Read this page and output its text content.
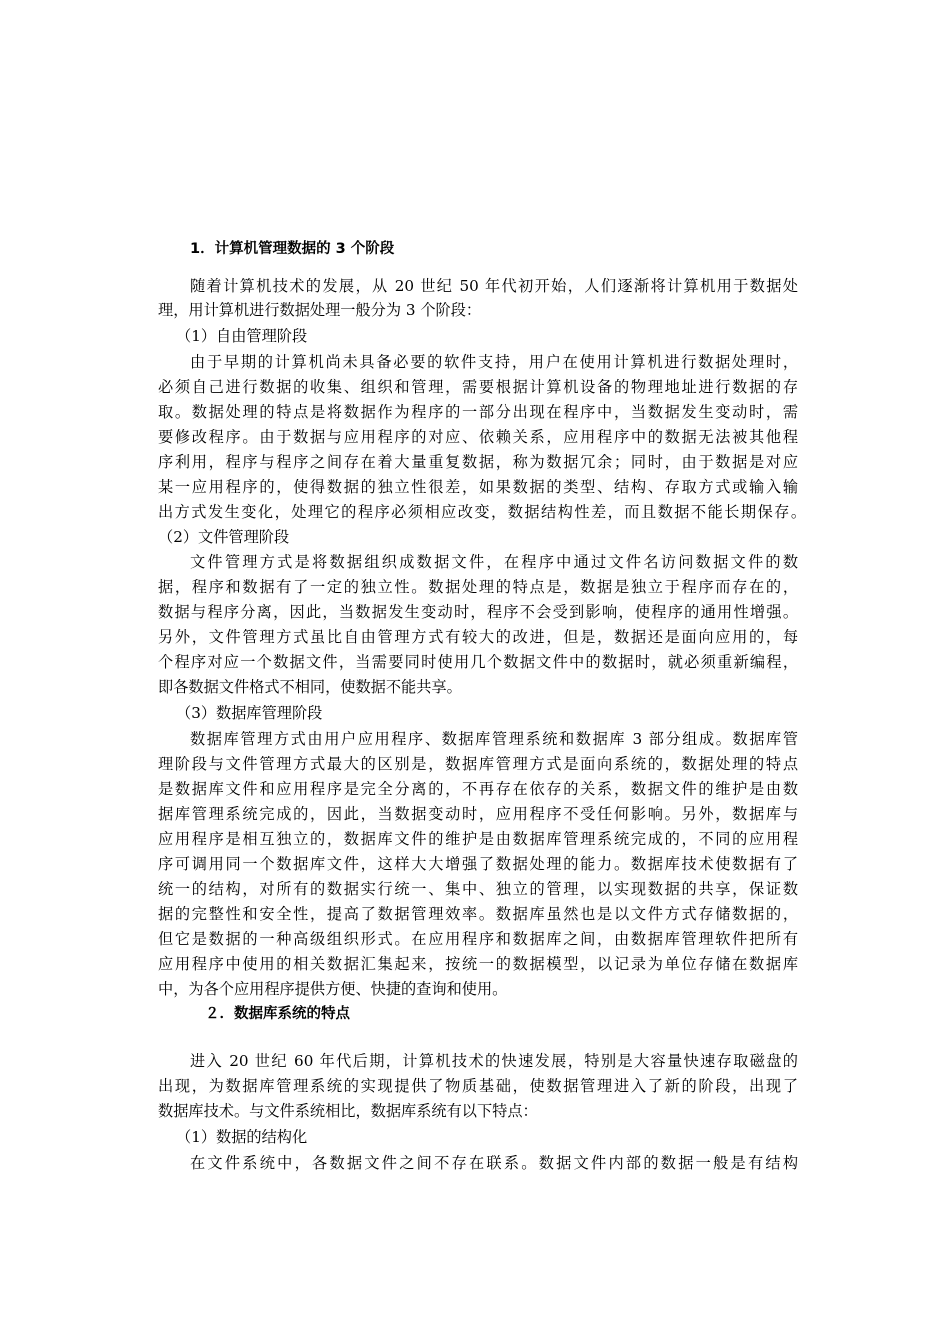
1．计算机管理数据的 3 个阶段
随着计算机技术的发展，从 20 世纪 50 年代初开始，人们逐渐将计算机用于数据处
理，用计算机进行数据处理一般分为 3 个阶段：
（1）自由管理阶段
由于早期的计算机尚未具备必要的软件支持，用户在使用计算机进行数据处理时，
必须自己进行数据的收集、组织和管理，需要根据计算机设备的物理地址进行数据的存
取。数据处理的特点是将数据作为程序的一部分出现在程序中，当数据发生变动时，需
要修改程序。由于数据与应用程序的对应、依赖关系，应用程序中的数据无法被其他程
序利用，程序与程序之间存在着大量重复数据，称为数据冗余；同时，由于数据是对应
某一应用程序的，使得数据的独立性很差，如果数据的类型、结构、存取方式或输入输
出方式发生变化，处理它的程序必须相应改变，数据结构性差，而且数据不能长期保存。
（2）文件管理阶段
文件管理方式是将数据组织成数据文件，在程序中通过文件名访问数据文件的数
据，程序和数据有了一定的独立性。数据处理的特点是，数据是独立于程序而存在的，
数据与程序分离，因此，当数据发生变动时，程序不会受到影响，使程序的通用性增强。
另外，文件管理方式虽比自由管理方式有较大的改进，但是，数据还是面向应用的，每
个程序对应一个数据文件，当需要同时使用几个数据文件中的数据时，就必须重新编程，
即各数据文件格式不相同，使数据不能共享。
（3）数据库管理阶段
数据库管理方式由用户应用程序、数据库管理系统和数据库 3 部分组成。数据库管
理阶段与文件管理方式最大的区别是，数据库管理方式是面向系统的，数据处理的特点
是数据库文件和应用程序是完全分离的，不再存在依存的关系，数据文件的维护是由数
据库管理系统完成的，因此，当数据变动时，应用程序不受任何影响。另外，数据库与
应用程序是相互独立的，数据库文件的维护是由数据库管理系统完成的，不同的应用程
序可调用同一个数据库文件，这样大大增强了数据处理的能力。数据库技术使数据有了
统一的结构，对所有的数据实行统一、集中、独立的管理，以实现数据的共享，保证数
据的完整性和安全性，提高了数据管理效率。数据库虽然也是以文件方式存储数据的，
但它是数据的一种高级组织形式。在应用程序和数据库之间，由数据库管理软件把所有
应用程序中使用的相关数据汇集起来，按统一的数据模型，以记录为单位存储在数据库
中，为各个应用程序提供方便、快捷的查询和使用。
２．数据库系统的特点
进入 20 世纪 60 年代后期，计算机技术的快速发展，特别是大容量快速存取磁盘的
出现，为数据库管理系统的实现提供了物质基础，使数据管理进入了新的阶段，出现了
数据库技术。与文件系统相比，数据库系统有以下特点：
（1）数据的结构化
在文件系统中，各数据文件之间不存在联系。数据文件内部的数据一般是有结构
